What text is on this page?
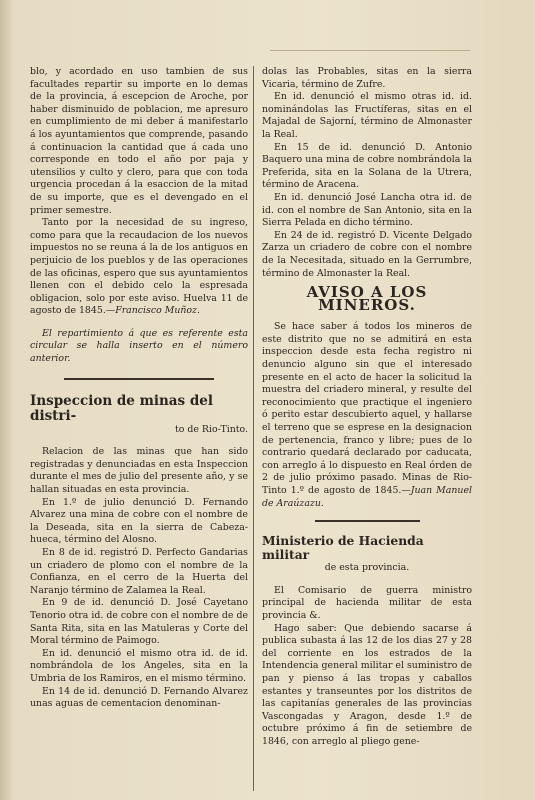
blo, y acordado en uso tambien de sus facultades repartir su importe en lo demas de la provincia, á escepcion de Aroche, por haber disminuido de poblacion, me apresuro en cumplimiento de mi deber á manifestarlo á los ayuntamientos que comprende, pasando á continuacion la cantidad que á cada uno corresponde en todo el año por paja y utensilios y culto y clero, para que con toda urgencia procedan á la esaccion de la mitad de su importe, que es el devengado en el primer semestre.

Tanto por la necesidad de su ingreso, como para que la recaudacion de los nuevos impuestos no se reuna á la de los antiguos en perjuicio de los pueblos y de las operaciones de las oficinas, espero que sus ayuntamientos llenen con el debido celo la espresada obligacion, solo por este aviso. Huelva 11 de agosto de 1845.—Francisco Muñoz.

El repartimiento á que es referente esta circular se halla inserto en el número anterior.

Inspeccion de minas del distri-

to de Rio-Tinto.

Relacion de las minas que han sido registradas y denunciadas en esta Inspeccion durante el mes de julio del presente año, y se hallan situadas en esta provincia.

En 1.º de julio denunció D. Fernando Alvarez una mina de cobre con el nombre de la Deseada, sita en la sierra de Cabeza-hueca, término del Alosno.

En 8 de id. registró D. Perfecto Gandarias un criadero de plomo con el nombre de la Confianza, en el cerro de la Huerta del Naranjo término de Zalamea la Real.

En 9 de id. denunció D. José Cayetano Tenorio otra id. de cobre con el nombre de de Santa Rita, sita en las Matuleras y Corte del Moral término de Paimogo.

En id. denunció el mismo otra id. de id. nombrándola de los Angeles, sita en la Umbria de los Ramiros, en el mismo término.

En 14 de id. denunció D. Fernando Alvarez unas aguas de cementacion denominan-

dolas las Probables, sitas en la sierra Vicaria, término de Zufre.

En id. denunció el mismo otras id. id. nominándolas las Fructíferas, sitas en el Majadal de Sajorní, término de Almonaster la Real.

En 15 de id. denunció D. Antonio Baquero una mina de cobre nombrándola la Preferida, sita en la Solana de la Utrera, término de Aracena.

En id. denunció José Lancha otra id. de id. con el nombre de San Antonio, sita en la Sierra Pelada en dicho término.

En 24 de id. registró D. Vicente Delgado Zarza un criadero de cobre con el nombre de la Necesitada, situado en la Gerrumbre, término de Almonaster la Real.

AVISO A LOS MINEROS.

Se hace saber á todos los mineros de este distrito que no se admitirá en esta inspeccion desde esta fecha registro ni denuncio alguno sin que el interesado presente en el acto de hacer la solicitud la muestra del criadero mineral, y resulte del reconocimiento que practique el ingeniero ó perito estar descubierto aquel, y hallarse el terreno que se esprese en la designacion de pertenencia, franco y libre; pues de lo contrario quedará declarado por caducata, con arreglo á lo dispuesto en Real órden de 2 de julio próximo pasado. Minas de Rio-Tinto 1.º de agosto de 1845.—Juan Manuel de Araúzazu.

Ministerio de Hacienda militar

de esta provincia.

El Comisario de guerra ministro principal de hacienda militar de esta provincia &.

Hago saber: Que debiendo sacarse á publica subasta á las 12 de los dias 27 y 28 del corriente en los estrados de la Intendencia general militar el suministro de pan y pienso á las tropas y caballos estantes y transeuntes por los distritos de las capitanías generales de las provincias Vascongadas y Aragon, desde 1.º de octubre próximo á fin de setiembre de 1846, con arreglo al pliego gene-
